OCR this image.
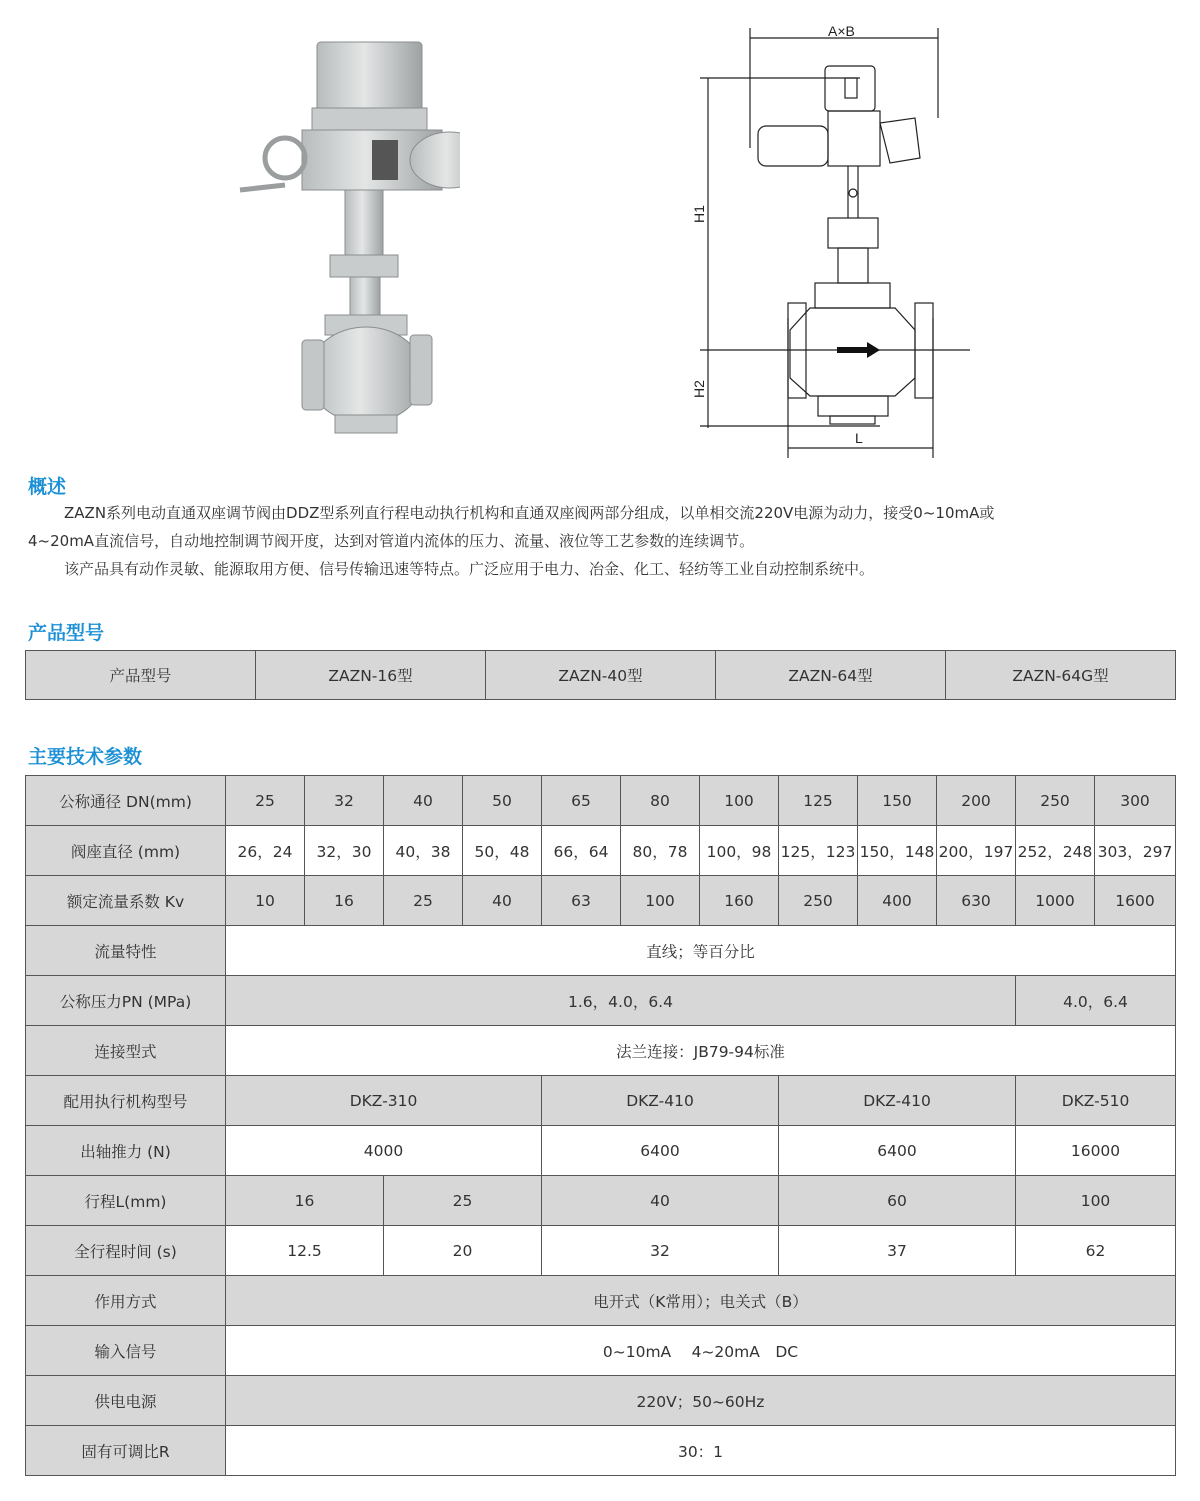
A×B
H1
H2
L
概述

ZAZN系列电动直通双座调节阀由DDZ型系列直行程电动执行机构和直通双座阀两部分组成，以单相交流220V电源为动力，接受0~10mA或

4~20mA直流信号，自动地控制调节阀开度，达到对管道内流体的压力、流量、液位等工艺参数的连续调节。

该产品具有动作灵敏、能源取用方便、信号传输迅速等特点。广泛应用于电力、冶金、化工、轻纺等工业自动控制系统中。

产品型号
产品型号	ZAZN-16型	ZAZN-40型	ZAZN-64型	ZAZN-64G型
主要技术参数
公称通径 DN(mm)	25	32	40	50	65	80	100	125	150	200	250	300
阀座直径 (mm)	26，24	32，30	40，38	50，48	66，64	80，78	100，98	125，123	150，148	200，197	252，248	303，297
额定流量系数 Kv	10	16	25	40	63	100	160	250	400	630	1000	1600
流量特性	直线；等百分比											
公称压力PN (MPa)	1.6，4.0，6.4										4.0，6.4	
连接型式	法兰连接：JB79-94标准											
配用执行机构型号	DKZ-310				DKZ-410			DKZ-410			DKZ-510	
出轴推力 (N)	4000				6400			6400			16000	
行程L(mm)	16		25		40			60			100	
全行程时间 (s)	12.5		20		32			37			62	
作用方式	电开式（K常用）；电关式（B）											
输入信号	0~10mA　 4~20mA　DC											
供电电源	220V；50~60Hz											
固有可调比R	30：1											
